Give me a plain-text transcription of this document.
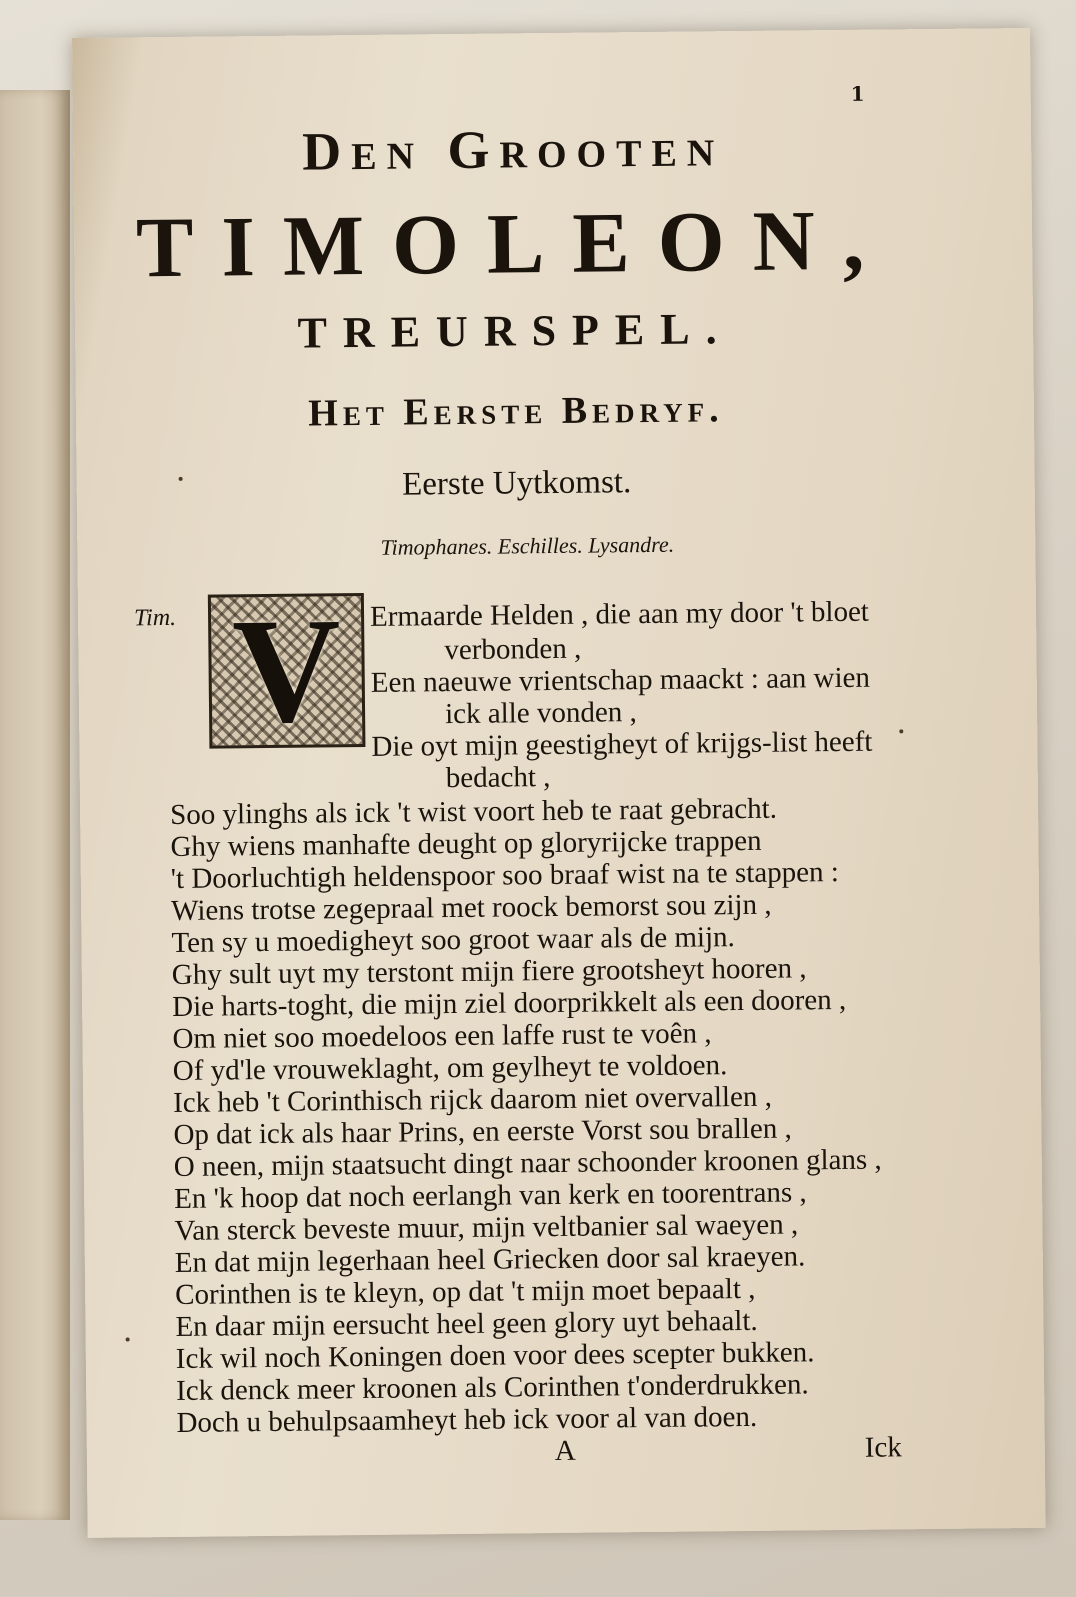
1
Den Grooten
TIMOLEON,
TREURSPEL.
Het Eerste Bedryf.
Eerste Uytkomst.
Timophanes. Eschilles. Lysandre.
Tim. V Ermaarde Helden , die aan my door 't bloet
verbonden ,
Een naeuwe vrientschap maackt : aan wien
ick alle vonden ,
Die oyt mijn geestigheyt of krijgs-list heeft
bedacht ,
Soo ylinghs als ick 't wist voort heb te raat gebracht.
Ghy wiens manhafte deught op gloryrijcke trappen
't Doorluchtigh heldenspoor soo braaf wist na te stappen :
Wiens trotse zegepraal met roock bemorst sou zijn ,
Ten sy u moedigheyt soo groot waar als de mijn.
Ghy sult uyt my terstont mijn fiere grootsheyt hooren ,
Die harts-toght, die mijn ziel doorprikkelt als een dooren ,
Om niet soo moedeloos een laffe rust te voên ,
Of yd'le vrouweklaght, om geylheyt te voldoen.
Ick heb 't Corinthisch rijck daarom niet overvallen ,
Op dat ick als haar Prins, en eerste Vorst sou brallen ,
O neen, mijn staatsucht dingt naar schoonder kroonen glans ,
En 'k hoop dat noch eerlangh van kerk en toorentrans ,
Van sterck beveste muur, mijn veltbanier sal waeyen ,
En dat mijn legerhaan heel Griecken door sal kraeyen.
Corinthen is te kleyn, op dat 't mijn moet bepaalt ,
En daar mijn eersucht heel geen glory uyt behaalt.
Ick wil noch Koningen doen voor dees scepter bukken.
Ick denck meer kroonen als Corinthen t'onderdrukken.
Doch u behulpsaamheyt heb ick voor al van doen.
A	Ick
